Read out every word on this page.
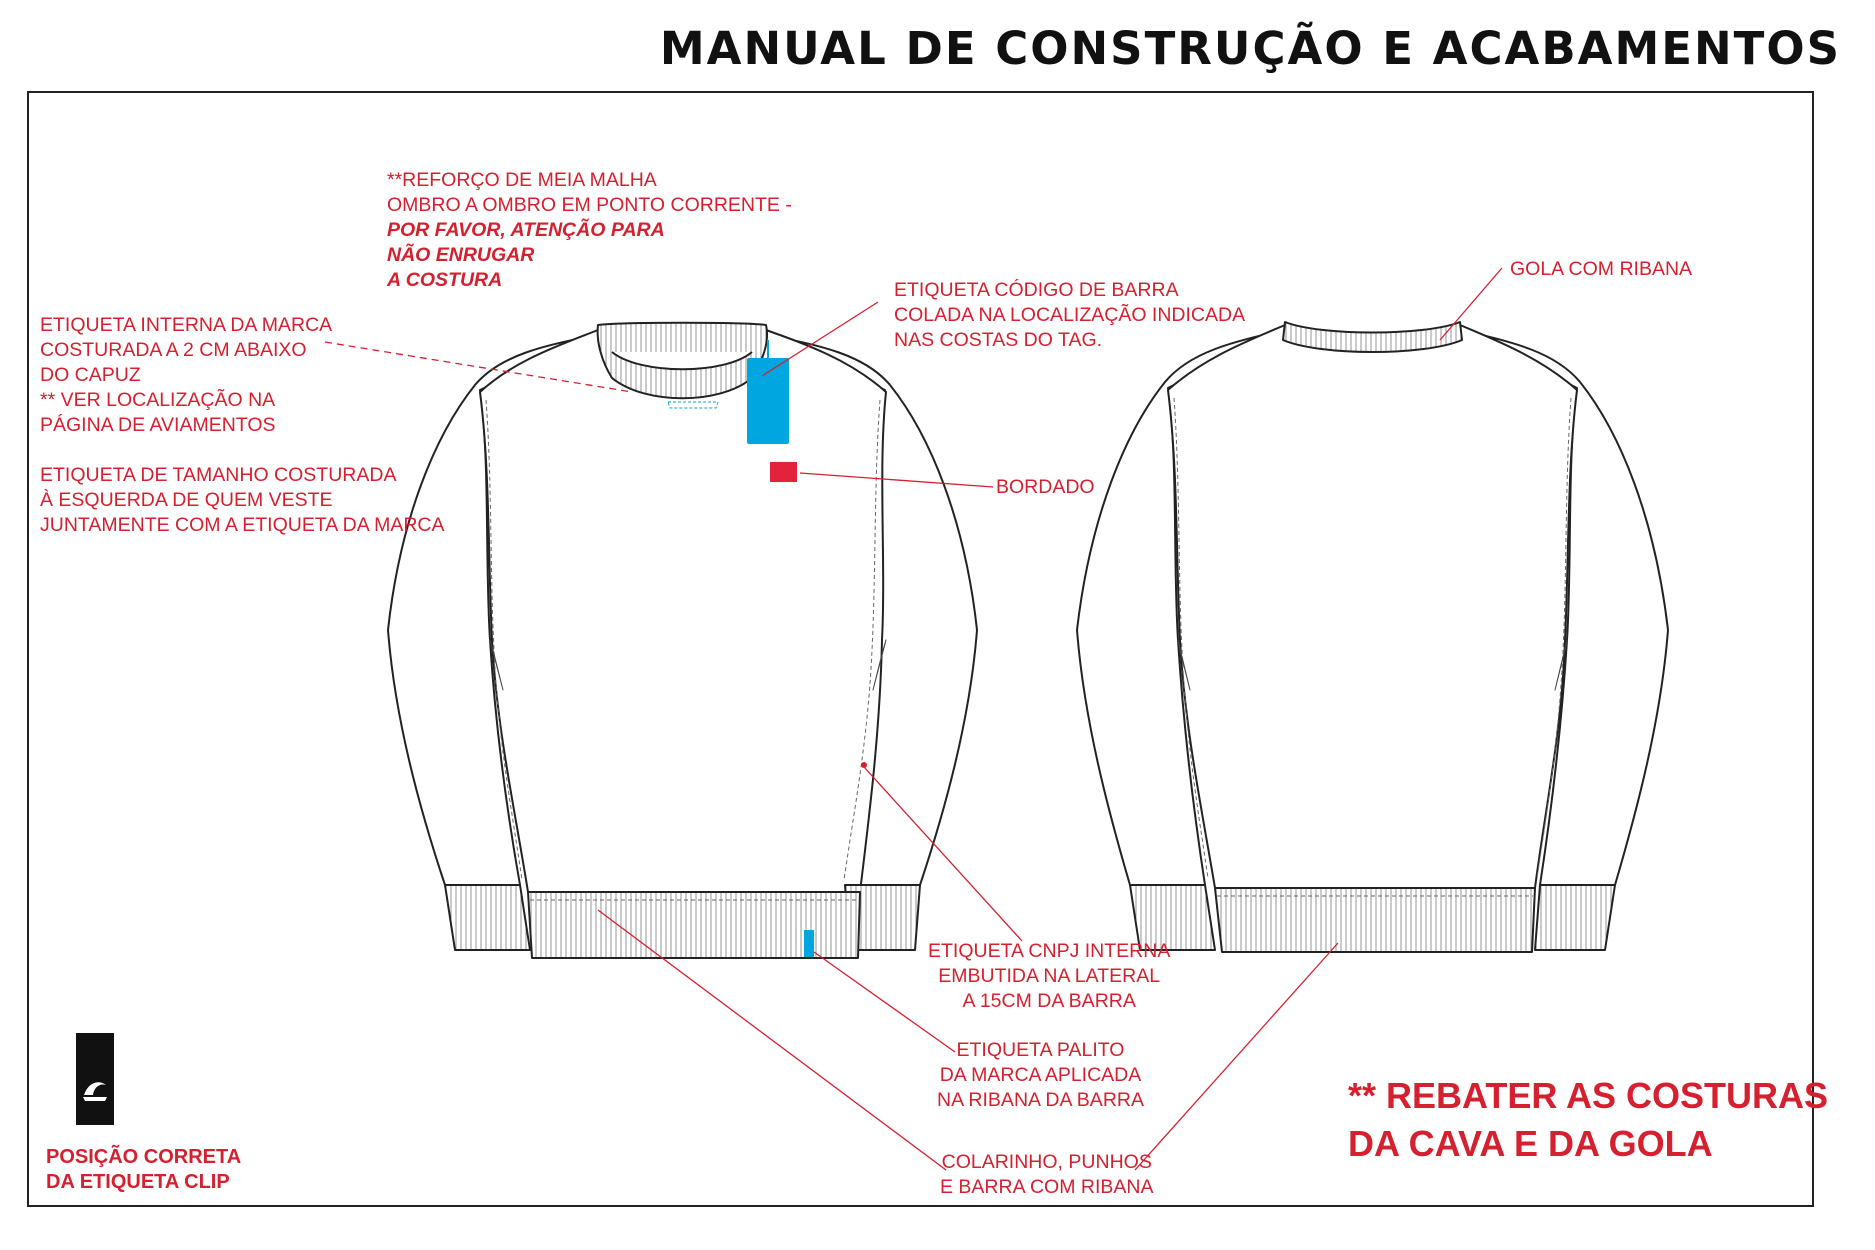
MANUAL DE CONSTRUÇÃO E ACABAMENTOS
**REFORÇO DE MEIA MALHA
OMBRO A OMBRO EM PONTO CORRENTE -
POR FAVOR, ATENÇÃO PARA
NÃO ENRUGAR
A COSTURA
ETIQUETA INTERNA DA MARCA
COSTURADA A 2 CM ABAIXO
DO CAPUZ
** VER LOCALIZAÇÃO NA
PÁGINA DE AVIAMENTOS
ETIQUETA DE TAMANHO COSTURADA
À ESQUERDA DE QUEM VESTE
JUNTAMENTE COM A ETIQUETA DA MARCA
ETIQUETA CÓDIGO DE BARRA
COLADA NA LOCALIZAÇÃO INDICADA
NAS COSTAS DO TAG.
BORDADO
GOLA COM RIBANA
ETIQUETA CNPJ INTERNA
EMBUTIDA NA LATERAL
A 15CM DA BARRA
ETIQUETA PALITO
DA MARCA APLICADA
NA RIBANA DA BARRA
COLARINHO, PUNHOS
E BARRA COM RIBANA
** REBATER AS COSTURAS
DA CAVA E DA GOLA
POSIÇÃO CORRETA
DA ETIQUETA CLIP
